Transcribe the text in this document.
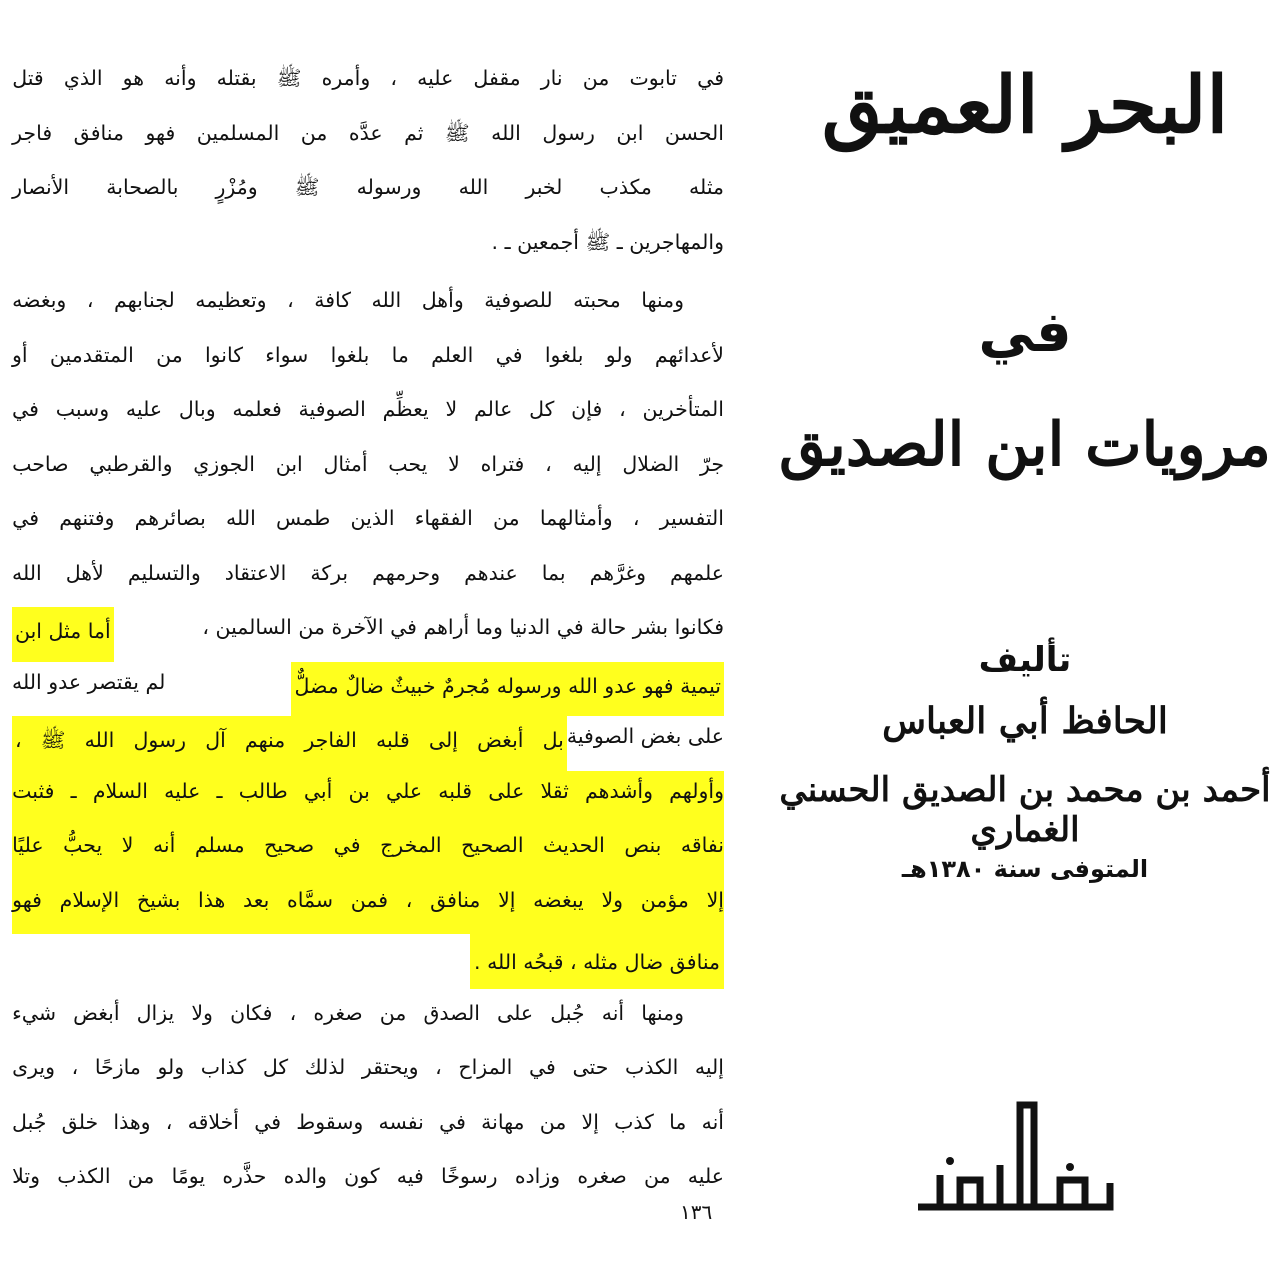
في
تابوت
من
نار
مقفل
عليه
،
وأمره
ﷺ
بقتله
وأنه
هو
الذي
قتل
الحسن
ابن
رسول
الله
ﷺ
ثم
عدَّه
من
المسلمين
فهو
منافق
فاجر
مثله
مكذب
لخبر
الله
ورسوله
ﷺ
ومُزْرٍ
بالصحابة
الأنصار
والمهاجرين ـ ﷺ أجمعين ـ .
ومنها
محبته
للصوفية
وأهل
الله
كافة
،
وتعظيمه
لجنابهم
،
وبغضه
لأعدائهم
ولو
بلغوا
في
العلم
ما
بلغوا
سواء
كانوا
من
المتقدمين
أو
المتأخرين
،
فإن
كل
عالم
لا
يعظِّم
الصوفية
فعلمه
وبال
عليه
وسبب
في
جرّ
الضلال
إليه
،
فتراه
لا
يحب
أمثال
ابن
الجوزي
والقرطبي
صاحب
التفسير
،
وأمثالهما
من
الفقهاء
الذين
طمس
الله
بصائرهم
وفتنهم
في
علمهم
وغرَّهم
بما
عندهم
وحرمهم
بركة
الاعتقاد
والتسليم
لأهل
الله
فكانوا بشر حالة في الدنيا وما أراهم في الآخرة من السالمين ،
أما مثل ابن
تيمية فهو عدو الله ورسوله مُجرمٌ خبيثٌ ضالٌ مضلٌّ
لم يقتصر عدو الله
على بغض الصوفية
بل أبغض إلى قلبه الفاجر منهم آل رسول الله ﷺ ،
وأولهم
وأشدهم
ثقلا
على
قلبه
علي
بن
أبي
طالب
ـ
عليه
السلام
ـ
فثبت
نفاقه
بنص
الحديث
الصحيح
المخرج
في
صحيح
مسلم
أنه
لا
يحبُّ
عليًا
إلا
مؤمن
ولا
يبغضه
إلا
منافق
،
فمن
سمَّاه
بعد
هذا
بشيخ
الإسلام
فهو
منافق ضال مثله ، قبحُه الله .
ومنها
أنه
جُبل
على
الصدق
من
صغره
،
فكان
ولا
يزال
أبغض
شيء
إليه
الكذب
حتى
في
المزاح
،
ويحتقر
لذلك
كل
كذاب
ولو
مازحًا
،
ويرى
أنه
ما
كذب
إلا
من
مهانة
في
نفسه
وسقوط
في
أخلاقه
،
وهذا
خلق
جُبل
عليه
من
صغره
وزاده
رسوخًا
فيه
كون
والده
حذَّره
يومًا
من
الكذب
وتلا
١٣٦
البحر العميق
في
مرويات ابن الصديق
تأليف
الحافظ أبي العباس
أحمد بن محمد بن الصديق الحسني الغماري
المتوفى سنة ١٣٨٠هـ
